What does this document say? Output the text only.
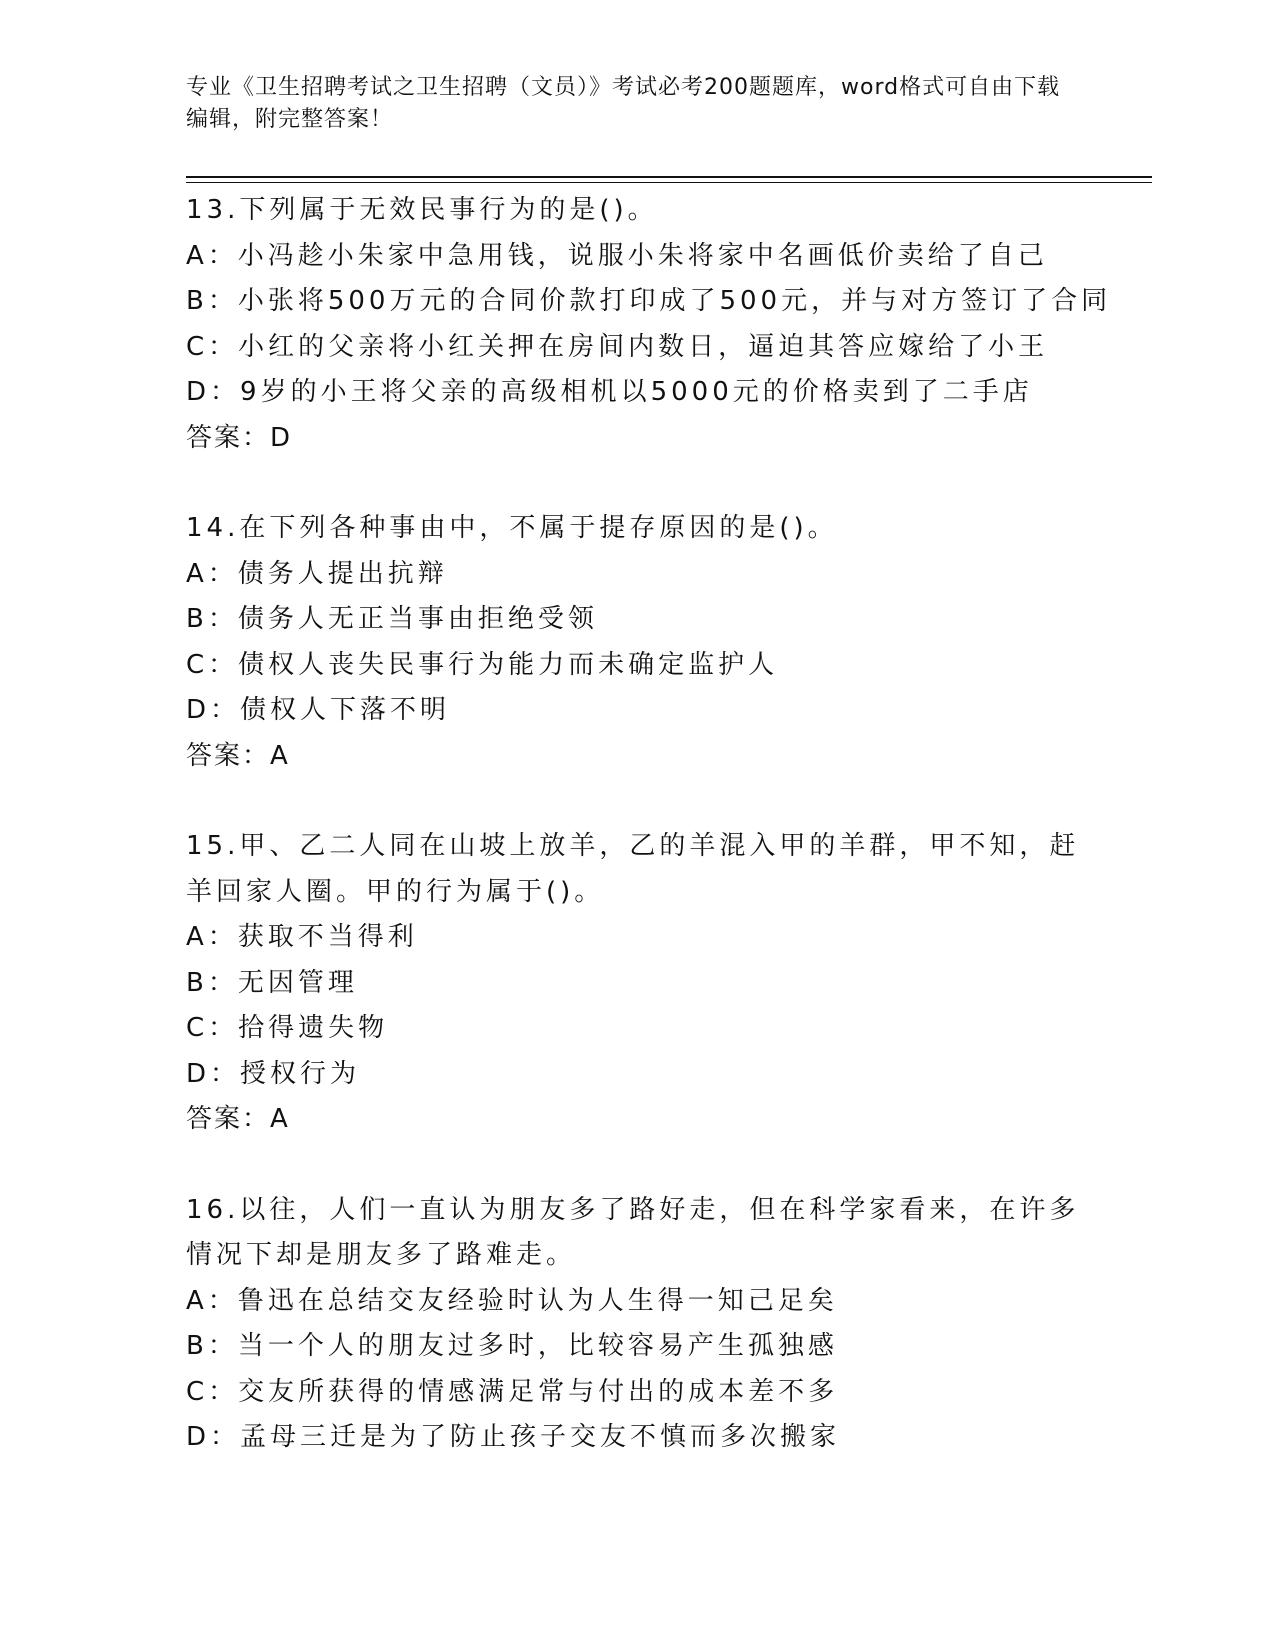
专业《卫生招聘考试之卫生招聘（文员）》考试必考200题题库，word格式可自由下载编辑，附完整答案！
13.下列属于无效民事行为的是()。
A：小冯趁小朱家中急用钱，说服小朱将家中名画低价卖给了自己
B：小张将500万元的合同价款打印成了500元，并与对方签订了合同
C：小红的父亲将小红关押在房间内数日，逼迫其答应嫁给了小王
D：9岁的小王将父亲的高级相机以5000元的价格卖到了二手店
答案：D
14.在下列各种事由中，不属于提存原因的是()。
A：债务人提出抗辩
B：债务人无正当事由拒绝受领
C：债权人丧失民事行为能力而未确定监护人
D：债权人下落不明
答案：A
15.甲、乙二人同在山坡上放羊，乙的羊混入甲的羊群，甲不知，赶羊回家人圈。甲的行为属于()。
A：获取不当得利
B：无因管理
C：拾得遗失物
D：授权行为
答案：A
16.以往，人们一直认为朋友多了路好走，但在科学家看来，在许多情况下却是朋友多了路难走。
A：鲁迅在总结交友经验时认为人生得一知己足矣
B：当一个人的朋友过多时，比较容易产生孤独感
C：交友所获得的情感满足常与付出的成本差不多
D：孟母三迁是为了防止孩子交友不慎而多次搬家
